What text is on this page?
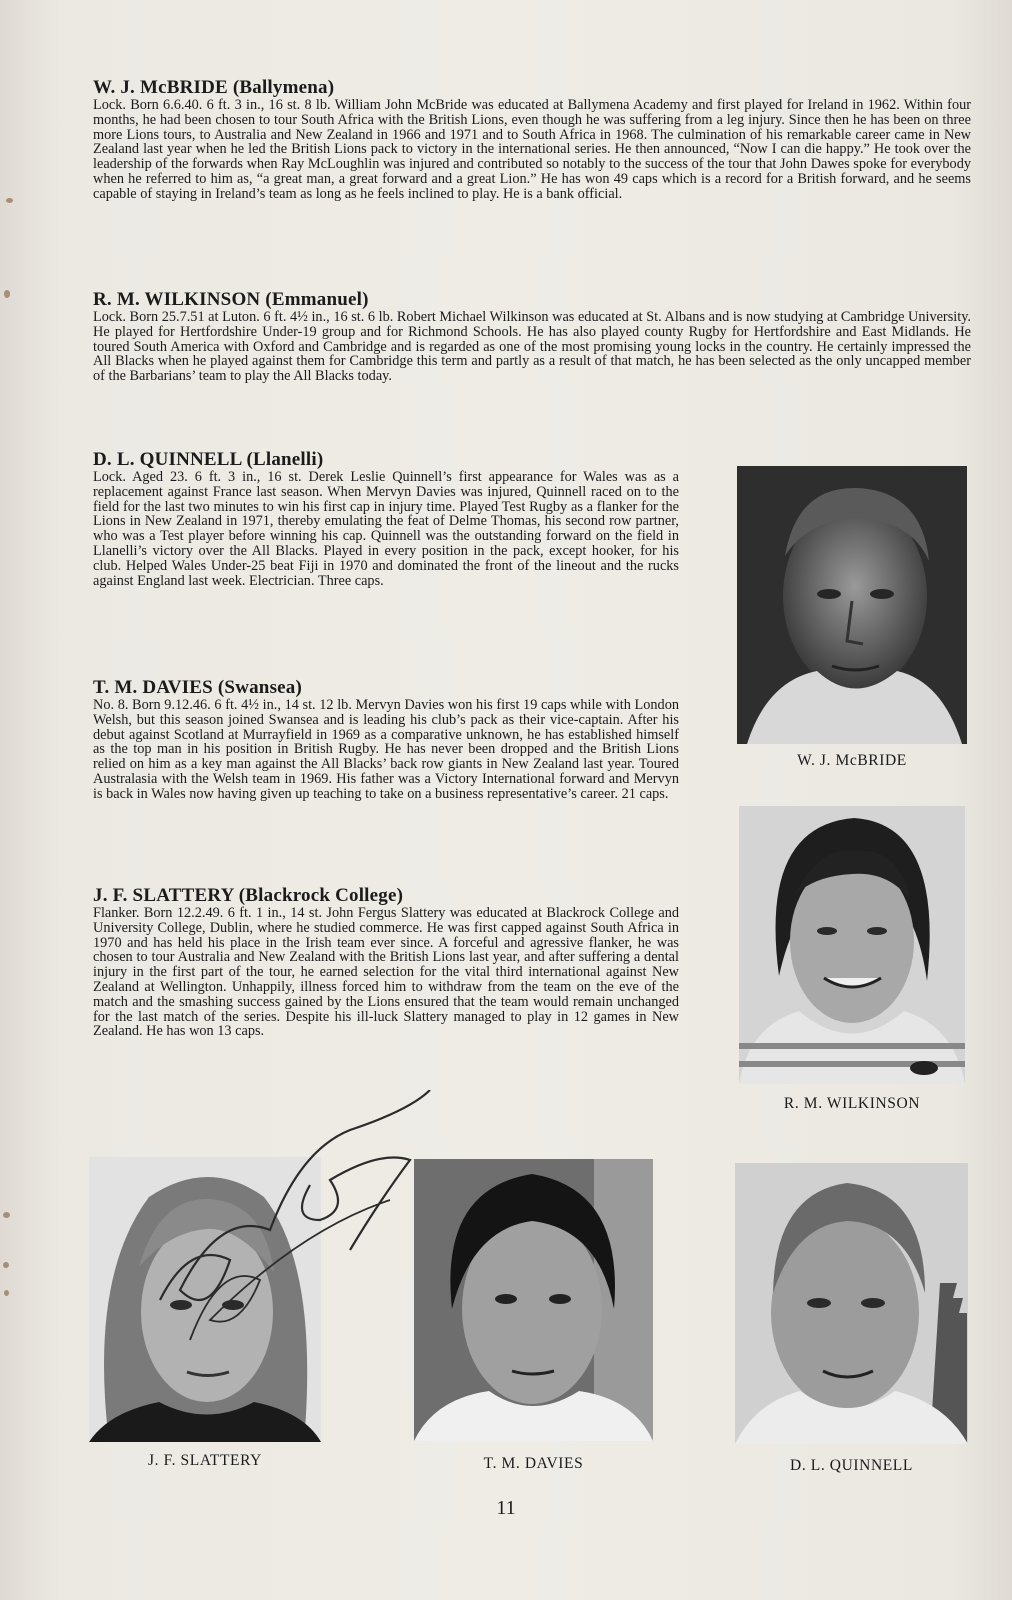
W. J. McBRIDE (Ballymena)

Lock. Born 6.6.40. 6 ft. 3 in., 16 st. 8 lb. William John McBride was educated at Ballymena Academy and first played for Ireland in 1962. Within four months, he had been chosen to tour South Africa with the British Lions, even though he was suffering from a leg injury. Since then he has been on three more Lions tours, to Australia and New Zealand in 1966 and 1971 and to South Africa in 1968. The culmination of his remarkable career came in New Zealand last year when he led the British Lions pack to victory in the international series. He then announced, “Now I can die happy.” He took over the leadership of the forwards when Ray McLoughlin was injured and contributed so notably to the success of the tour that John Dawes spoke for everybody when he referred to him as, “a great man, a great forward and a great Lion.” He has won 49 caps which is a record for a British forward, and he seems capable of staying in Ireland’s team as long as he feels inclined to play. He is a bank official.

R. M. WILKINSON (Emmanuel)

Lock. Born 25.7.51 at Luton. 6 ft. 4½ in., 16 st. 6 lb. Robert Michael Wilkinson was educated at St. Albans and is now studying at Cambridge University. He played for Hertfordshire Under-19 group and for Richmond Schools. He has also played county Rugby for Hertfordshire and East Midlands. He toured South America with Oxford and Cambridge and is regarded as one of the most promising young locks in the country. He certainly impressed the All Blacks when he played against them for Cambridge this term and partly as a result of that match, he has been selected as the only uncapped member of the Barbarians’ team to play the All Blacks today.

D. L. QUINNELL (Llanelli)

Lock. Aged 23. 6 ft. 3 in., 16 st. Derek Leslie Quinnell’s first appearance for Wales was as a replacement against France last season. When Mervyn Davies was injured, Quinnell raced on to the field for the last two minutes to win his first cap in injury time. Played Test Rugby as a flanker for the Lions in New Zealand in 1971, thereby emulating the feat of Delme Thomas, his second row partner, who was a Test player before winning his cap. Quinnell was the outstanding forward on the field in Llanelli’s victory over the All Blacks. Played in every position in the pack, except hooker, for his club. Helped Wales Under-25 beat Fiji in 1970 and dominated the front of the lineout and the rucks against England last week. Electrician. Three caps.

T. M. DAVIES (Swansea)

No. 8. Born 9.12.46. 6 ft. 4½ in., 14 st. 12 lb. Mervyn Davies won his first 19 caps while with London Welsh, but this season joined Swansea and is leading his club’s pack as their vice-captain. After his debut against Scotland at Murrayfield in 1969 as a comparative unknown, he has established himself as the top man in his position in British Rugby. He has never been dropped and the British Lions relied on him as a key man against the All Blacks’ back row giants in New Zealand last year. Toured Australasia with the Welsh team in 1969. His father was a Victory International forward and Mervyn is back in Wales now having given up teaching to take on a business representative’s career. 21 caps.

J. F. SLATTERY (Blackrock College)

Flanker. Born 12.2.49. 6 ft. 1 in., 14 st. John Fergus Slattery was educated at Blackrock College and University College, Dublin, where he studied commerce. He was first capped against South Africa in 1970 and has held his place in the Irish team ever since. A forceful and agressive flanker, he was chosen to tour Australia and New Zealand with the British Lions last year, and after suffering a dental injury in the first part of the tour, he earned selection for the vital third international against New Zealand at Wellington. Unhappily, illness forced him to withdraw from the team on the eve of the match and the smashing success gained by the Lions ensured that the team would remain unchanged for the last match of the series. Despite his ill-luck Slattery managed to play in 12 games in New Zealand. He has won 13 caps.

W. J. McBRIDE
R. M. WILKINSON
J. F. SLATTERY	T. M. DAVIES	D. L. QUINNELL
11
